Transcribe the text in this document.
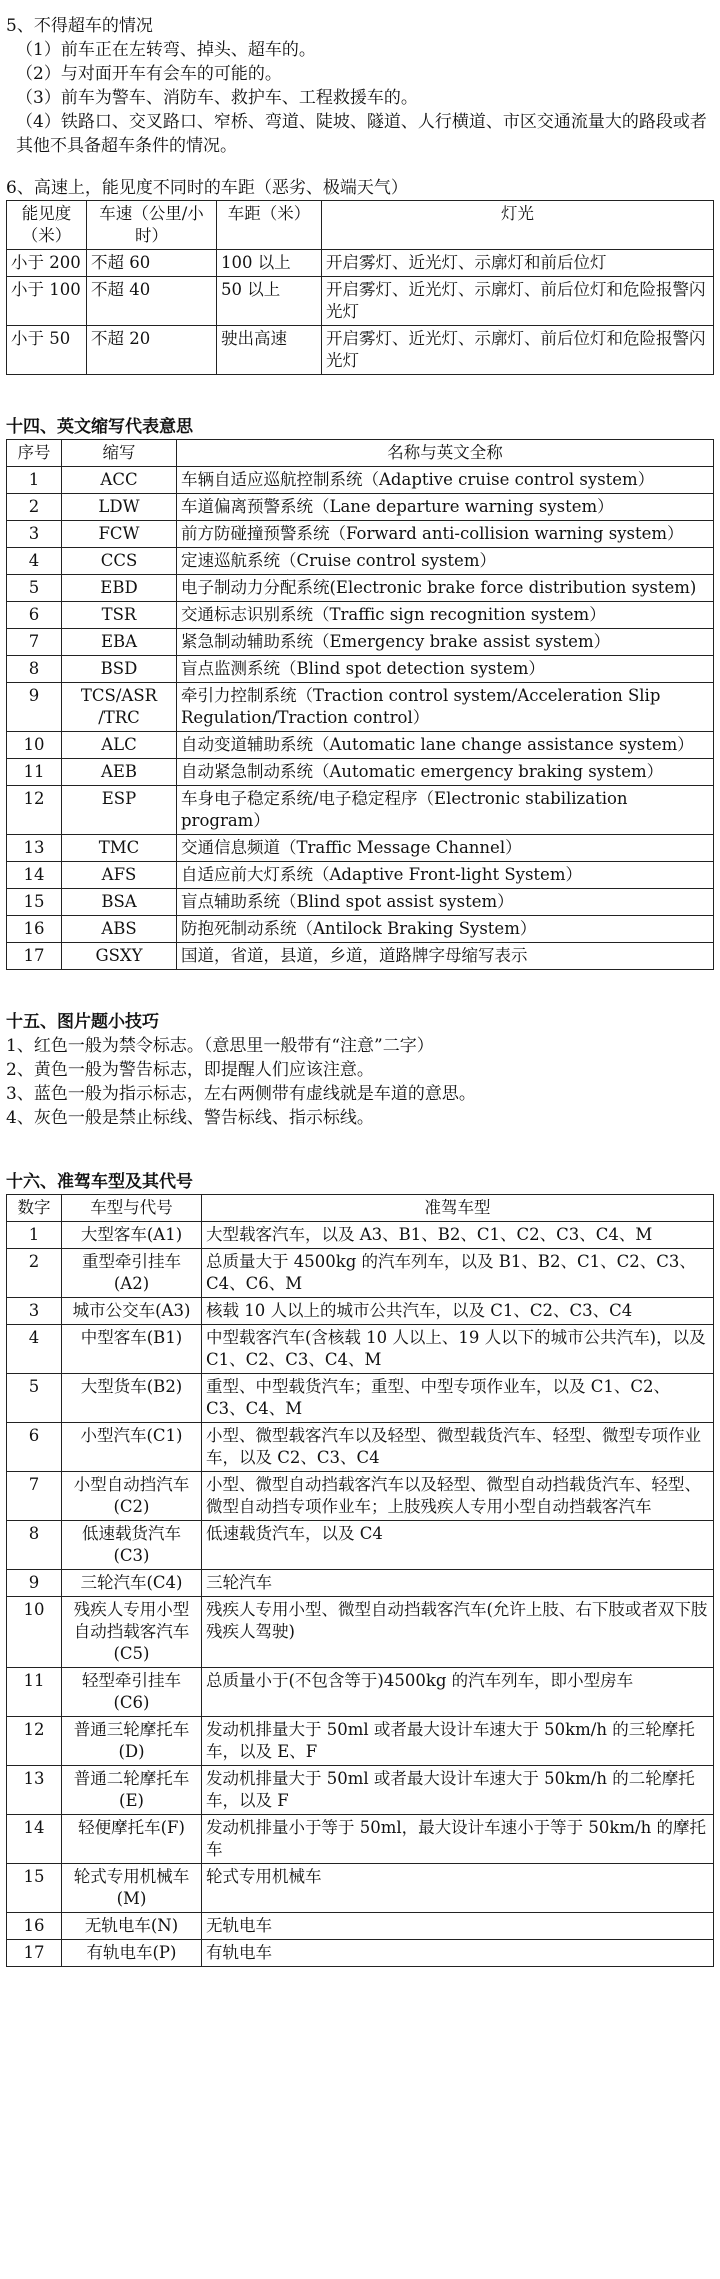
5、不得超车的情况
（1）前车正在左转弯、掉头、超车的。
（2）与对面开车有会车的可能的。
（3）前车为警车、消防车、救护车、工程救援车的。
（4）铁路口、交叉路口、窄桥、弯道、陡坡、隧道、人行横道、市区交通流量大的路段或者其他不具备超车条件的情况。
6、高速上，能见度不同时的车距（恶劣、极端天气）
能见度（米）	车速（公里/小时）	车距（米）	灯光
小于 200	不超 60	100 以上	开启雾灯、近光灯、示廓灯和前后位灯
小于 100	不超 40	50 以上	开启雾灯、近光灯、示廓灯、前后位灯和危险报警闪光灯
小于 50	不超 20	驶出高速	开启雾灯、近光灯、示廓灯、前后位灯和危险报警闪光灯
十四、英文缩写代表意思
序号	缩写	名称与英文全称
1	ACC	车辆自适应巡航控制系统（Adaptive cruise control system）
2	LDW	车道偏离预警系统（Lane departure warning system）
3	FCW	前方防碰撞预警系统（Forward anti-collision warning system）
4	CCS	定速巡航系统（Cruise control system）
5	EBD	电子制动力分配系统(Electronic brake force distribution system)
6	TSR	交通标志识别系统（Traffic sign recognition system）
7	EBA	紧急制动辅助系统（Emergency brake assist system）
8	BSD	盲点监测系统（Blind spot detection system）
9	TCS/ASR /TRC	牵引力控制系统（Traction control system/Acceleration Slip Regulation/Traction control）
10	ALC	自动变道辅助系统（Automatic lane change assistance system）
11	AEB	自动紧急制动系统（Automatic emergency braking system）
12	ESP	车身电子稳定系统/电子稳定程序（Electronic stabilization program）
13	TMC	交通信息频道（Traffic Message Channel）
14	AFS	自适应前大灯系统（Adaptive Front-light System）
15	BSA	盲点辅助系统（Blind spot assist system）
16	ABS	防抱死制动系统（Antilock Braking System）
17	GSXY	国道，省道，县道，乡道，道路牌字母缩写表示
十五、图片题小技巧
1、红色一般为禁令标志。（意思里一般带有“注意”二字）
2、黄色一般为警告标志，即提醒人们应该注意。
3、蓝色一般为指示标志，左右两侧带有虚线就是车道的意思。
4、灰色一般是禁止标线、警告标线、指示标线。
十六、准驾车型及其代号
数字	车型与代号	准驾车型
1	大型客车(A1)	大型载客汽车，以及 A3、B1、B2、C1、C2、C3、C4、M
2	重型牵引挂车(A2)	总质量大于 4500kg 的汽车列车，以及 B1、B2、C1、C2、C3、C4、C6、M
3	城市公交车(A3)	核载 10 人以上的城市公共汽车，以及 C1、C2、C3、C4
4	中型客车(B1)	中型载客汽车(含核载 10 人以上、19 人以下的城市公共汽车)，以及 C1、C2、C3、C4、M
5	大型货车(B2)	重型、中型载货汽车；重型、中型专项作业车，以及 C1、C2、C3、C4、M
6	小型汽车(C1)	小型、微型载客汽车以及轻型、微型载货汽车、轻型、微型专项作业车，以及 C2、C3、C4
7	小型自动挡汽车(C2)	小型、微型自动挡载客汽车以及轻型、微型自动挡载货汽车、轻型、微型自动挡专项作业车；上肢残疾人专用小型自动挡载客汽车
8	低速载货汽车(C3)	低速载货汽车，以及 C4
9	三轮汽车(C4)	三轮汽车
10	残疾人专用小型自动挡载客汽车(C5)	残疾人专用小型、微型自动挡载客汽车(允许上肢、右下肢或者双下肢残疾人驾驶)
11	轻型牵引挂车(C6)	总质量小于(不包含等于)4500kg 的汽车列车，即小型房车
12	普通三轮摩托车(D)	发动机排量大于 50ml 或者最大设计车速大于 50km/h 的三轮摩托车，以及 E、F
13	普通二轮摩托车(E)	发动机排量大于 50ml 或者最大设计车速大于 50km/h 的二轮摩托车，以及 F
14	轻便摩托车(F)	发动机排量小于等于 50ml，最大设计车速小于等于 50km/h 的摩托车
15	轮式专用机械车(M)	轮式专用机械车
16	无轨电车(N)	无轨电车
17	有轨电车(P)	有轨电车
